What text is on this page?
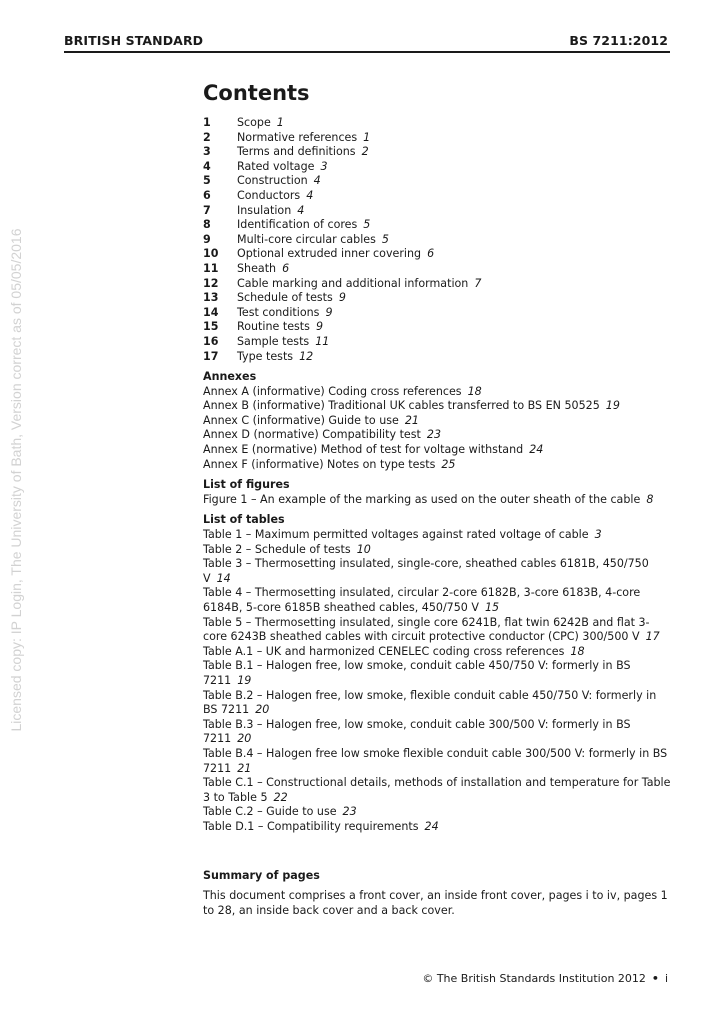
BRITISH STANDARD	BS 7211:2012
Licensed copy: IP Login, The University of Bath, Version correct as of 05/05/2016
Contents
1	Scope 1
2	Normative references 1
3	Terms and definitions 2
4	Rated voltage 3
5	Construction 4
6	Conductors 4
7	Insulation 4
8	Identification of cores 5
9	Multi-core circular cables 5
10	Optional extruded inner covering 6
11	Sheath 6
12	Cable marking and additional information 7
13	Schedule of tests 9
14	Test conditions 9
15	Routine tests 9
16	Sample tests 11
17	Type tests 12
Annexes
Annex A (informative) Coding cross references 18
Annex B (informative) Traditional UK cables transferred to BS EN 50525 19
Annex C (informative) Guide to use 21
Annex D (normative) Compatibility test 23
Annex E (normative) Method of test for voltage withstand 24
Annex F (informative) Notes on type tests 25
List of figures
Figure 1 – An example of the marking as used on the outer sheath of the cable 8
List of tables
Table 1 – Maximum permitted voltages against rated voltage of cable 3
Table 2 – Schedule of tests 10
Table 3 – Thermosetting insulated, single-core, sheathed cables 6181B, 450/750 V 14
Table 4 – Thermosetting insulated, circular 2-core 6182B, 3-core 6183B, 4-core 6184B, 5-core 6185B sheathed cables, 450/750 V 15
Table 5 – Thermosetting insulated, single core 6241B, flat twin 6242B and flat 3-core 6243B sheathed cables with circuit protective conductor (CPC) 300/500 V 17
Table A.1 – UK and harmonized CENELEC coding cross references 18
Table B.1 – Halogen free, low smoke, conduit cable 450/750 V: formerly in BS 7211 19
Table B.2 – Halogen free, low smoke, flexible conduit cable 450/750 V: formerly in BS 7211 20
Table B.3 – Halogen free, low smoke, conduit cable 300/500 V: formerly in BS 7211 20
Table B.4 – Halogen free low smoke flexible conduit cable 300/500 V: formerly in BS 7211 21
Table C.1 – Constructional details, methods of installation and temperature for Table 3 to Table 5 22
Table C.2 – Guide to use 23
Table D.1 – Compatibility requirements 24
Summary of pages
This document comprises a front cover, an inside front cover, pages i to iv, pages 1 to 28, an inside back cover and a back cover.
© The British Standards Institution 2012 • i
